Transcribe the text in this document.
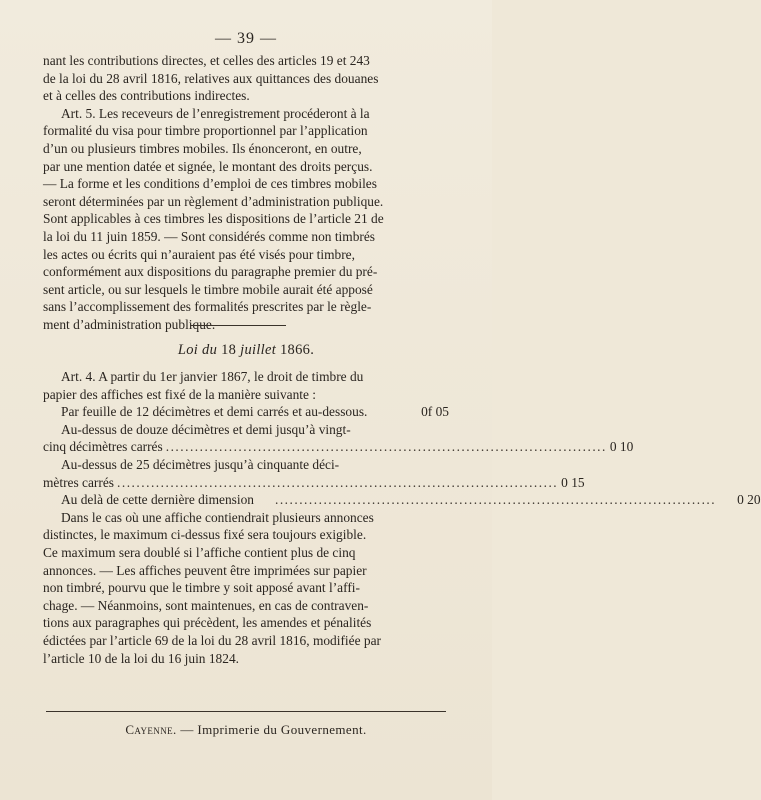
— 39 —

nant les contributions directes, et celles des articles 19 et 243

de la loi du 28 avril 1816, relatives aux quittances des douanes

et à celles des contributions indirectes.

Art. 5. Les receveurs de l’enregistrement procéderont à la

formalité du visa pour timbre proportionnel par l’application

d’un ou plusieurs timbres mobiles. Ils énonceront, en outre,

par une mention datée et signée, le montant des droits perçus.

— La forme et les conditions d’emploi de ces timbres mobiles

seront déterminées par un règlement d’administration publique.

Sont applicables à ces timbres les dispositions de l’article 21 de

la loi du 11 juin 1859. — Sont considérés comme non timbrés

les actes ou écrits qui n’auraient pas été visés pour timbre,

conformément aux dispositions du paragraphe premier du pré-

sent article, ou sur lesquels le timbre mobile aurait été apposé

sans l’accomplissement des formalités prescrites par le règle-

ment d’administration publique.

Loi du 18 juillet 1866.

Art. 4. A partir du 1er janvier 1867, le droit de timbre du

papier des affiches est fixé de la manière suivante :

Par feuille de 12 décimètres et demi carrés et au-dessous.	0f 05

Au-dessus de douze décimètres et demi jusqu’à vingt-

cinq décimètres carrés ........................................................................................... 0 10

Au-dessus de 25 décimètres jusqu’à cinquante déci-

mètres carrés ........................................................................................... 0 15
Au delà de cette dernière dimension	...........................................................................................	0 20

Dans le cas où une affiche contiendrait plusieurs annonces

distinctes, le maximum ci-dessus fixé sera toujours exigible.

Ce maximum sera doublé si l’affiche contient plus de cinq

annonces. — Les affiches peuvent être imprimées sur papier

non timbré, pourvu que le timbre y soit apposé avant l’affi-

chage. — Néanmoins, sont maintenues, en cas de contraven-

tions aux paragraphes qui précèdent, les amendes et pénalités

édictées par l’article 69 de la loi du 28 avril 1816, modifiée par

l’article 10 de la loi du 16 juin 1824.

Cayenne. — Imprimerie du Gouvernement.
